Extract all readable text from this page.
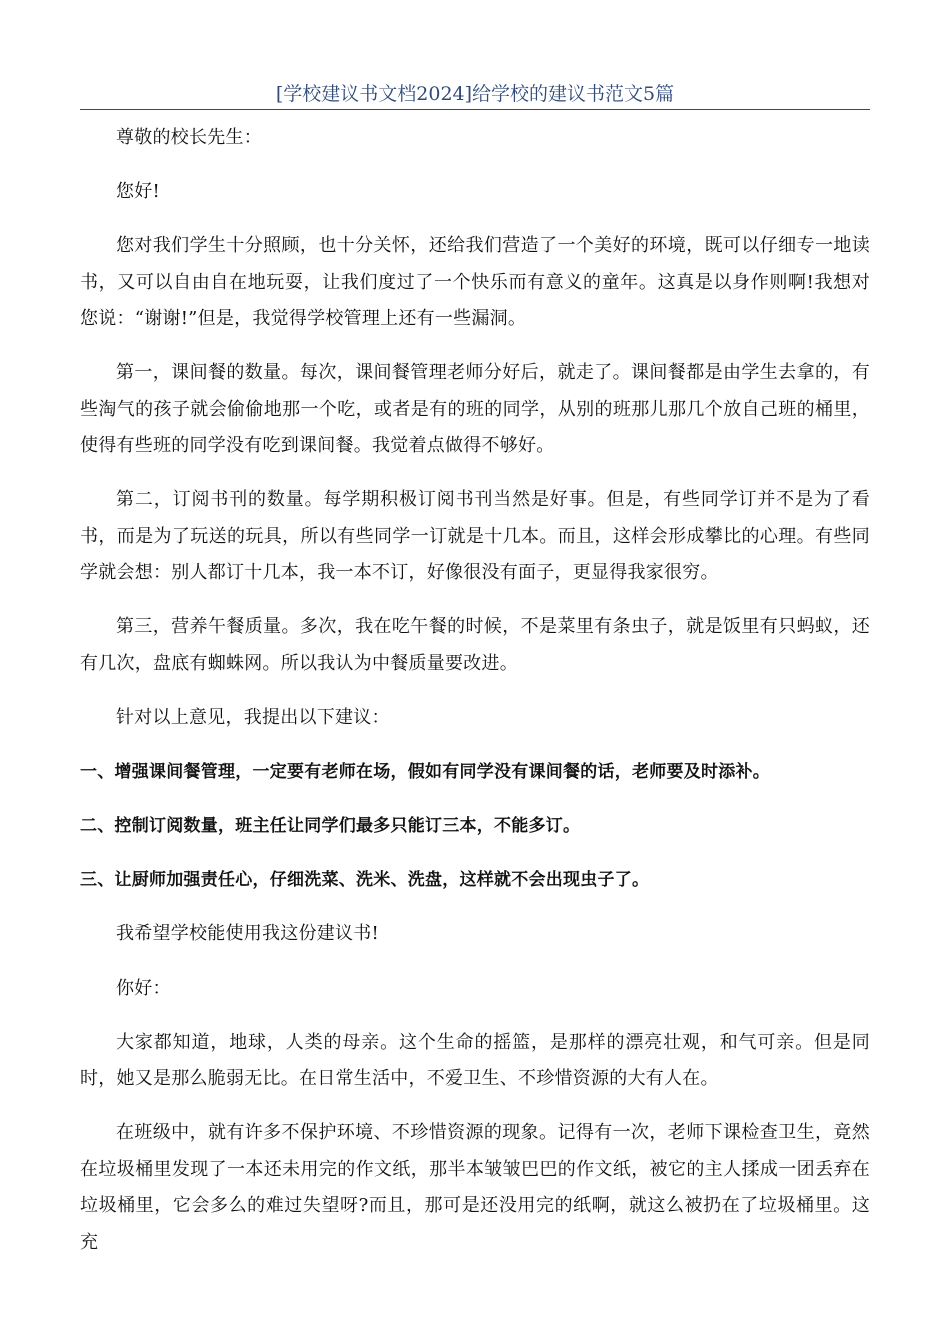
[学校建议书文档2024]给学校的建议书范文5篇

尊敬的校长先生：

您好!

您对我们学生十分照顾，也十分关怀，还给我们营造了一个美好的环境，既可以仔细专一地读书，又可以自由自在地玩耍，让我们度过了一个快乐而有意义的童年。这真是以身作则啊!我想对您说：“谢谢!”但是，我觉得学校管理上还有一些漏洞。

第一，课间餐的数量。每次，课间餐管理老师分好后，就走了。课间餐都是由学生去拿的，有些淘气的孩子就会偷偷地那一个吃，或者是有的班的同学，从别的班那儿那几个放自己班的桶里，使得有些班的同学没有吃到课间餐。我觉着点做得不够好。

第二，订阅书刊的数量。每学期积极订阅书刊当然是好事。但是，有些同学订并不是为了看书，而是为了玩送的玩具，所以有些同学一订就是十几本。而且，这样会形成攀比的心理。有些同学就会想：别人都订十几本，我一本不订，好像很没有面子，更显得我家很穷。

第三，营养午餐质量。多次，我在吃午餐的时候，不是菜里有条虫子，就是饭里有只蚂蚁，还有几次，盘底有蜘蛛网。所以我认为中餐质量要改进。

针对以上意见，我提出以下建议：

一、增强课间餐管理，一定要有老师在场，假如有同学没有课间餐的话，老师要及时添补。

二、控制订阅数量，班主任让同学们最多只能订三本，不能多订。

三、让厨师加强责任心，仔细洗菜、洗米、洗盘，这样就不会出现虫子了。

我希望学校能使用我这份建议书!

你好：

大家都知道，地球，人类的母亲。这个生命的摇篮，是那样的漂亮壮观，和气可亲。但是同时，她又是那么脆弱无比。在日常生活中，不爱卫生、不珍惜资源的大有人在。

在班级中，就有许多不保护环境、不珍惜资源的现象。记得有一次，老师下课检查卫生，竟然在垃圾桶里发现了一本还未用完的作文纸，那半本皱皱巴巴的作文纸，被它的主人揉成一团丢弃在垃圾桶里，它会多么的难过失望呀?而且，那可是还没用完的纸啊，就这么被扔在了垃圾桶里。这充
